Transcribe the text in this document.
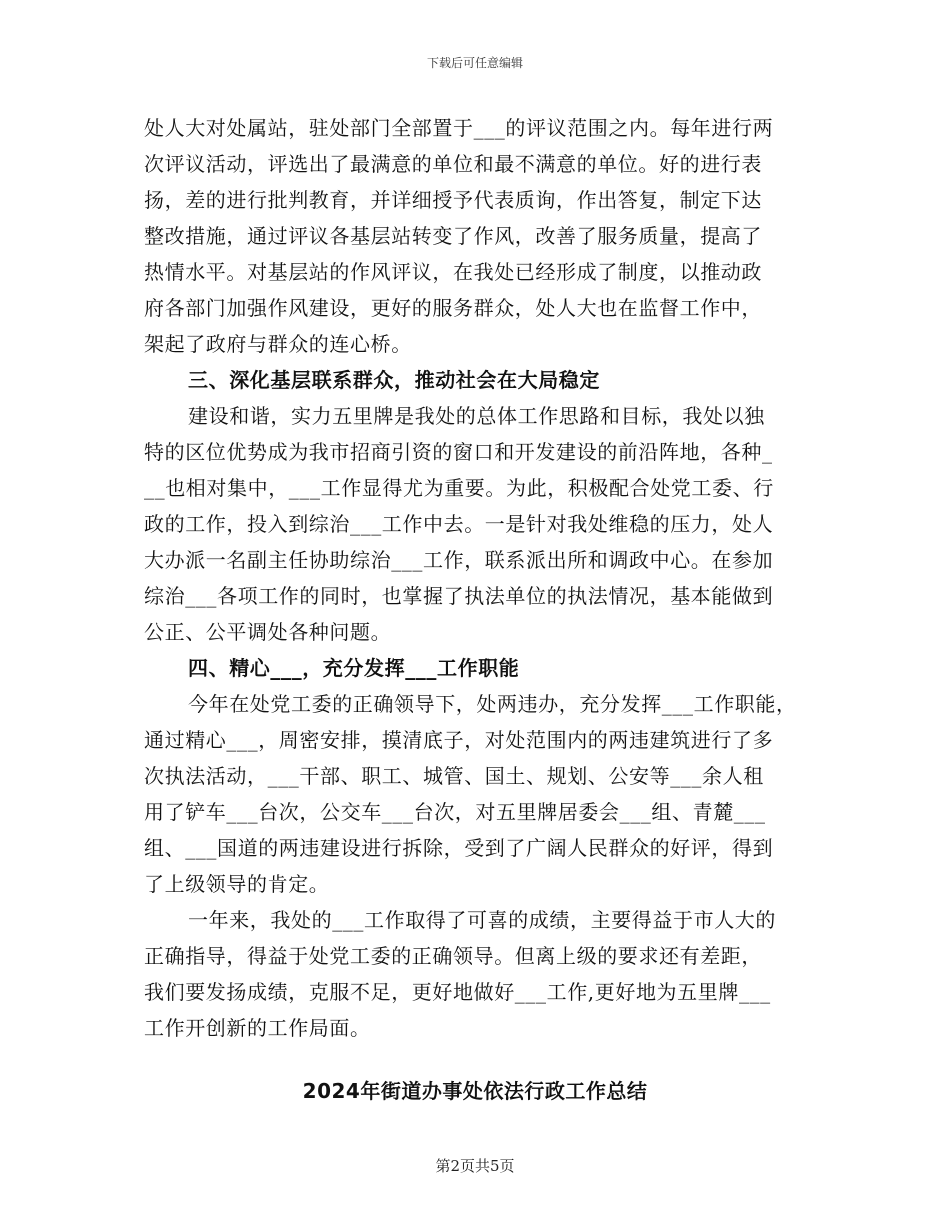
下载后可任意编辑
处人大对处属站，驻处部门全部置于___的评议范围之内。每年进行两
次评议活动，评选出了最满意的单位和最不满意的单位。好的进行表
扬，差的进行批判教育，并详细授予代表质询，作出答复，制定下达
整改措施，通过评议各基层站转变了作风，改善了服务质量，提高了
热情水平。对基层站的作风评议，在我处已经形成了制度，以推动政
府各部门加强作风建设，更好的服务群众，处人大也在监督工作中，
架起了政府与群众的连心桥。
三、深化基层联系群众，推动社会在大局稳定
建设和谐，实力五里牌是我处的总体工作思路和目标，我处以独
特的区位优势成为我市招商引资的窗口和开发建设的前沿阵地，各种_
__也相对集中，___工作显得尤为重要。为此，积极配合处党工委、行
政的工作，投入到综治___工作中去。一是针对我处维稳的压力，处人
大办派一名副主任协助综治___工作，联系派出所和调政中心。在参加
综治___各项工作的同时，也掌握了执法单位的执法情况，基本能做到
公正、公平调处各种问题。
四、精心___，充分发挥___工作职能
今年在处党工委的正确领导下，处两违办，充分发挥___工作职能，
通过精心___，周密安排，摸清底子，对处范围内的两违建筑进行了多
次执法活动，___干部、职工、城管、国土、规划、公安等___余人租
用了铲车___台次，公交车___台次，对五里牌居委会___组、青麓___
组、___国道的两违建设进行拆除，受到了广阔人民群众的好评，得到
了上级领导的肯定。
一年来，我处的___工作取得了可喜的成绩，主要得益于市人大的
正确指导，得益于处党工委的正确领导。但离上级的要求还有差距，
我们要发扬成绩，克服不足，更好地做好___工作,更好地为五里牌___
工作开创新的工作局面。
2024年街道办事处依法行政工作总结
第2页共5页
